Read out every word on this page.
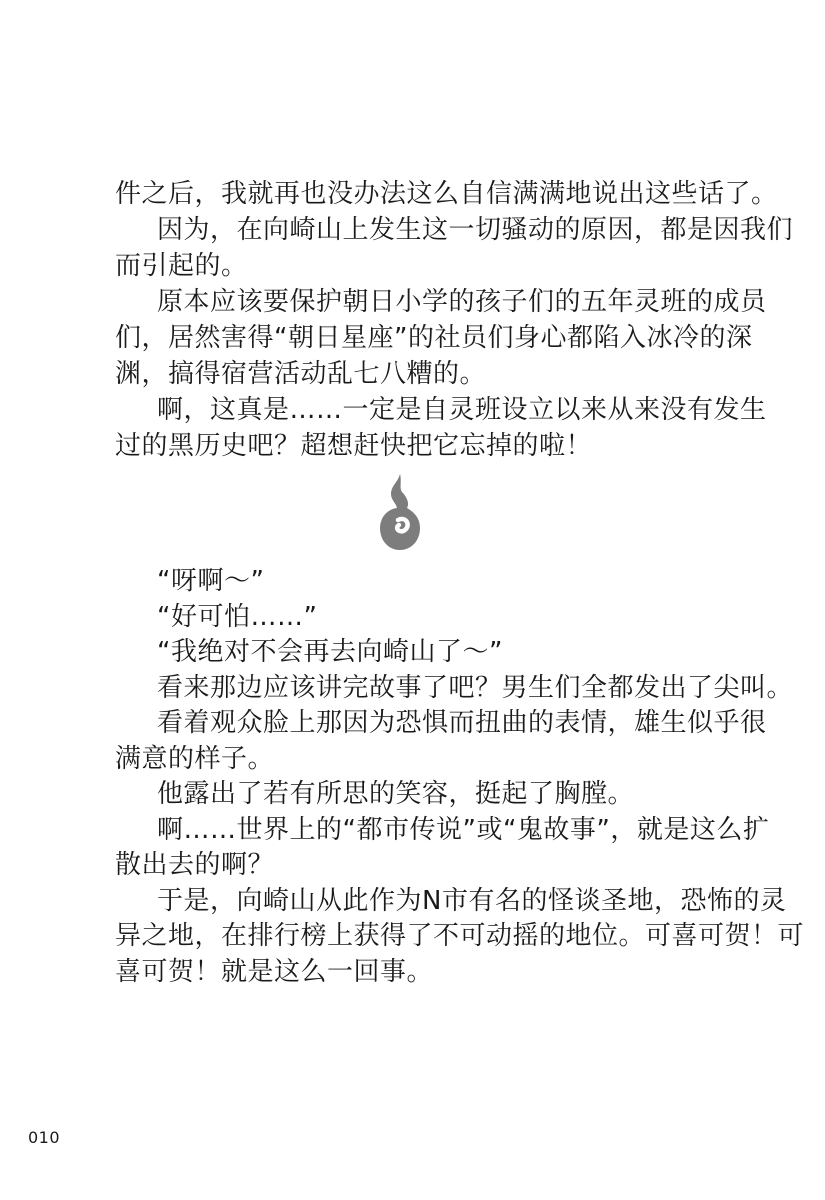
件之后，我就再也没办法这么自信满满地说出这些话了。
因为，在向崎山上发生这一切骚动的原因，都是因我们
而引起的。
原本应该要保护朝日小学的孩子们的五年灵班的成员
们，居然害得“朝日星座”的社员们身心都陷入冰冷的深
渊，搞得宿营活动乱七八糟的。
啊，这真是……一定是自灵班设立以来从来没有发生
过的黑历史吧？超想赶快把它忘掉的啦！
“呀啊～”
“好可怕……”
“我绝对不会再去向崎山了～”
看来那边应该讲完故事了吧？男生们全都发出了尖叫。
看着观众脸上那因为恐惧而扭曲的表情，雄生似乎很
满意的样子。
他露出了若有所思的笑容，挺起了胸膛。
啊……世界上的“都市传说”或“鬼故事”，就是这么扩
散出去的啊？
于是，向崎山从此作为N市有名的怪谈圣地，恐怖的灵
异之地，在排行榜上获得了不可动摇的地位。可喜可贺！可
喜可贺！就是这么一回事。
010
